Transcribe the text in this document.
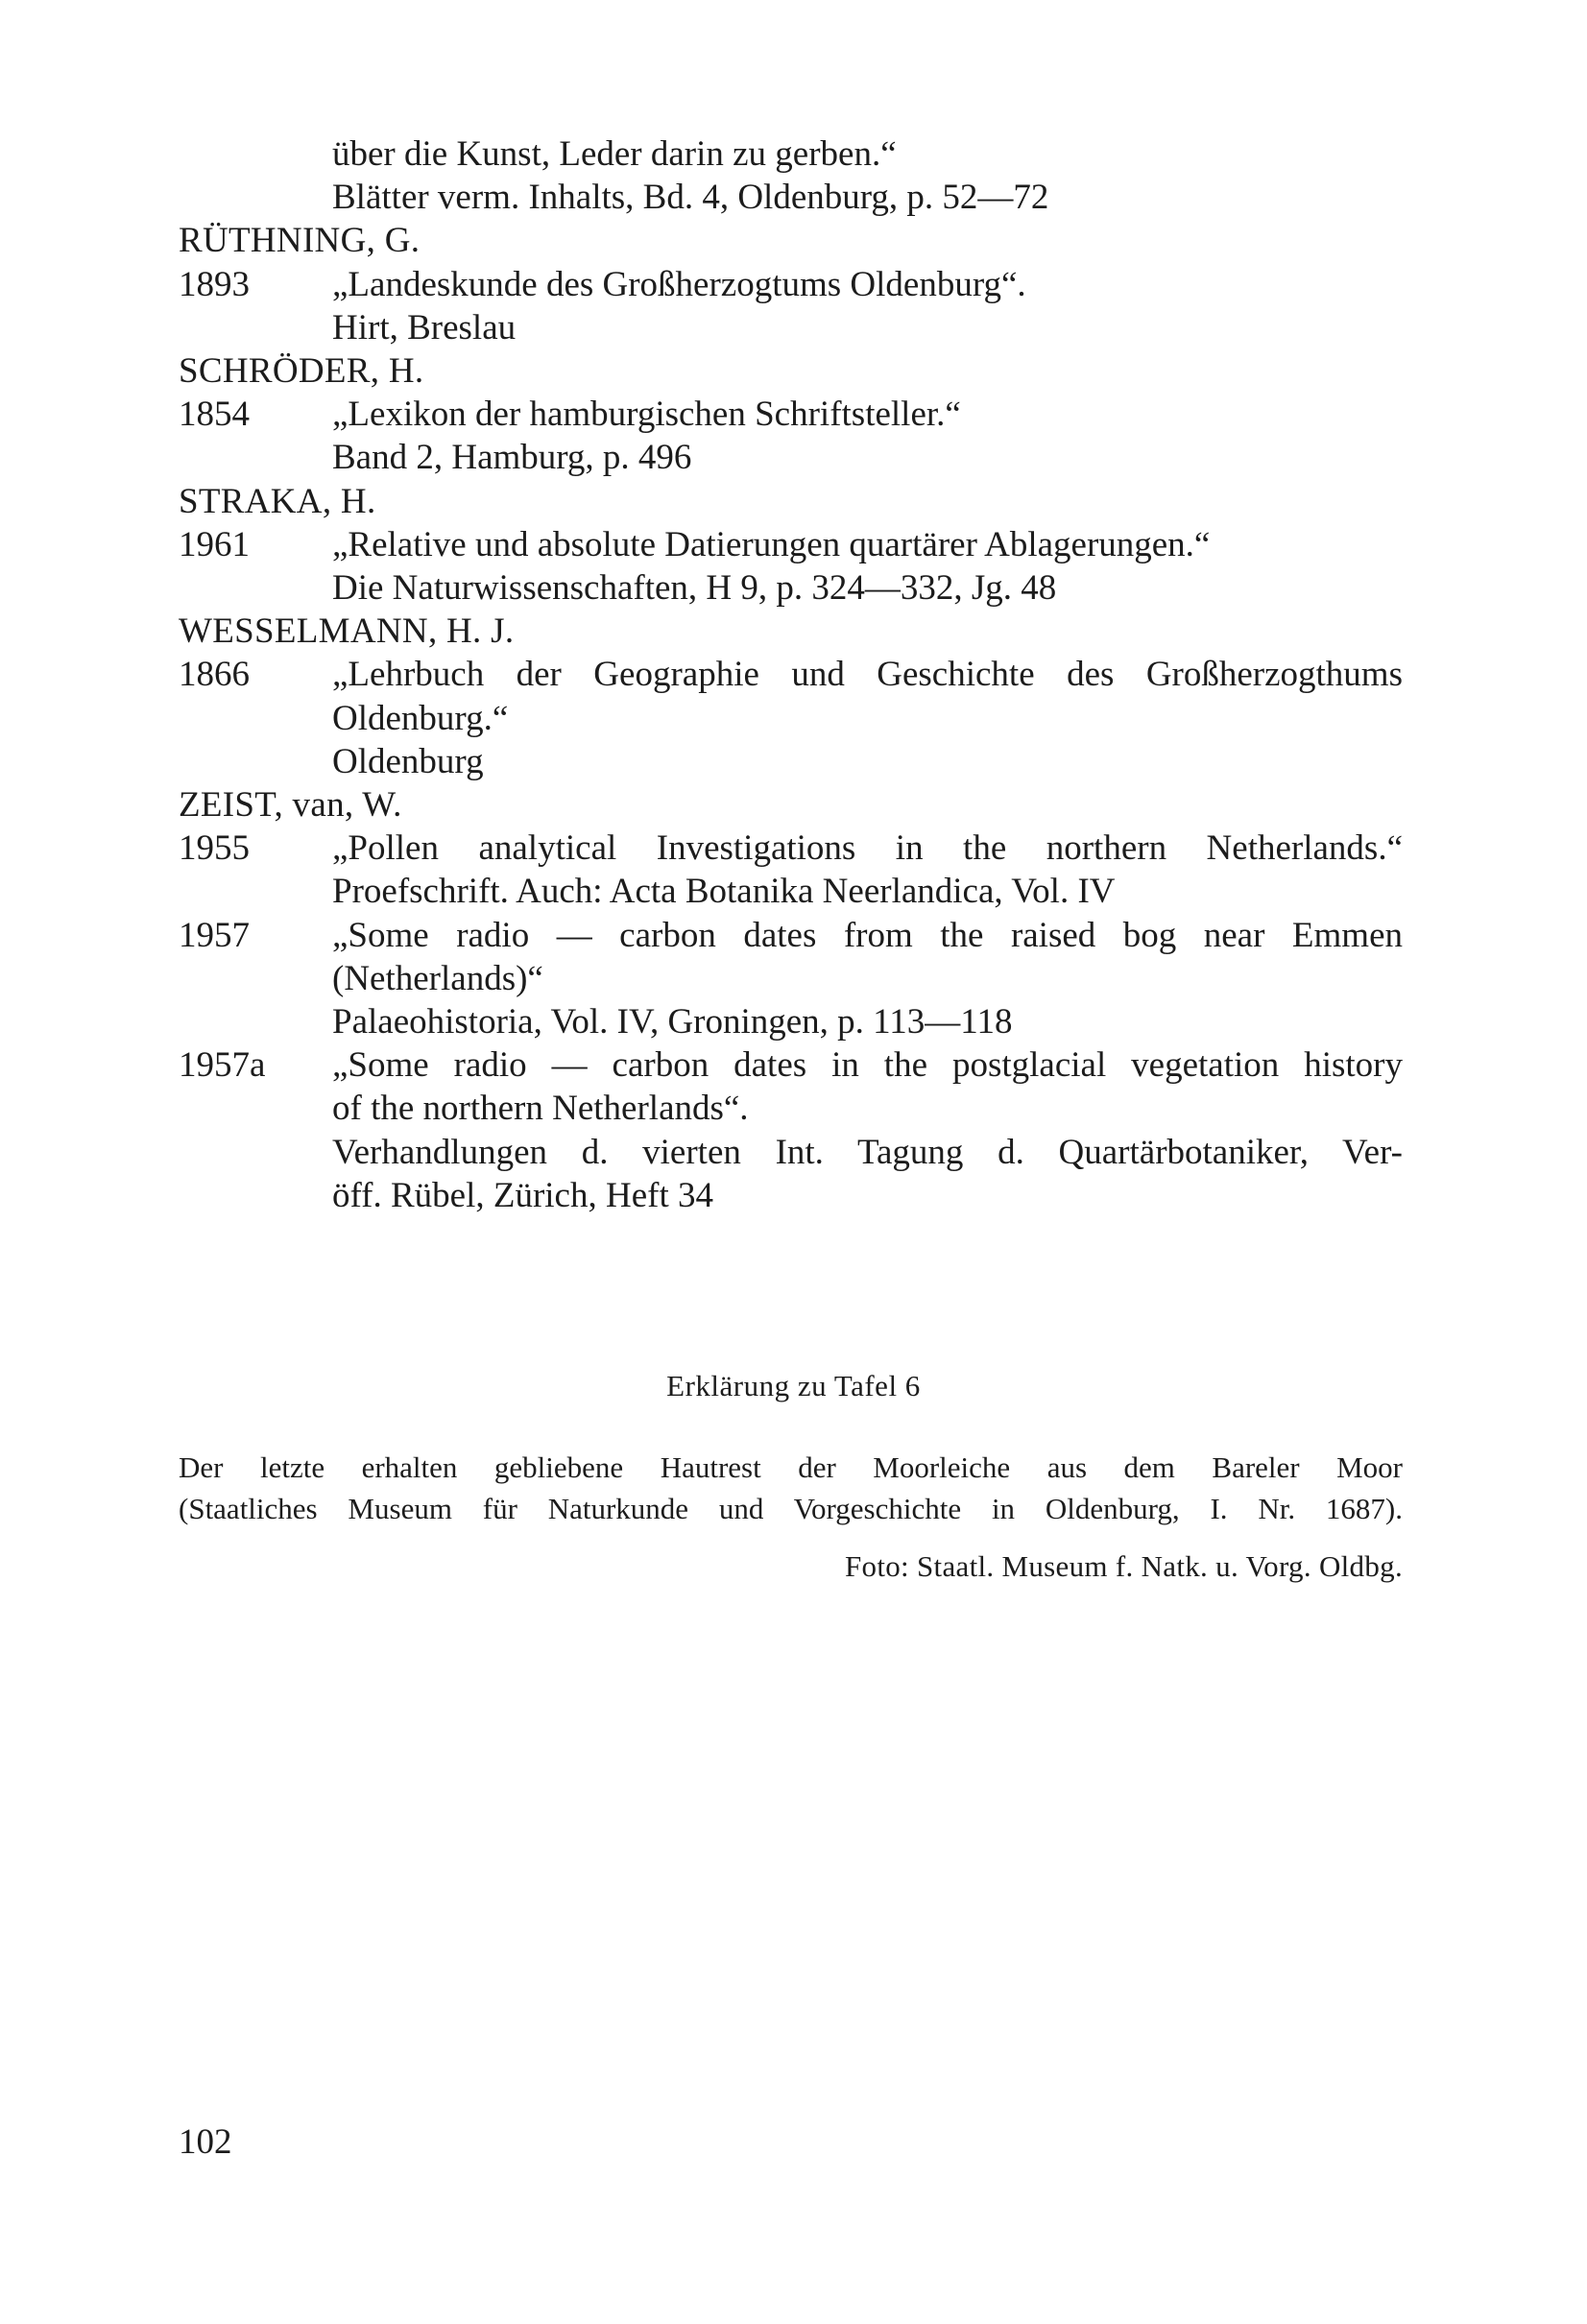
über die Kunst, Leder darin zu gerben.“
Blätter verm. Inhalts, Bd. 4, Oldenburg, p. 52—72
RÜTHNING, G.
1893	„Landeskunde des Großherzogtums Oldenburg“.
Hirt, Breslau
SCHRÖDER, H.
1854	„Lexikon der hamburgischen Schriftsteller.“
Band 2, Hamburg, p. 496
STRAKA, H.
1961	„Relative und absolute Datierungen quartärer Ablagerungen.“
Die Naturwissenschaften, H 9, p. 324—332, Jg. 48
WESSELMANN, H. J.
1866	„Lehrbuch der Geographie und Geschichte des Großherzogthums
Oldenburg.“
Oldenburg
ZEIST, van, W.
1955	„Pollen analytical Investigations in the northern Netherlands.“
Proefschrift. Auch: Acta Botanika Neerlandica, Vol. IV
1957	„Some radio — carbon dates from the raised bog near Emmen
(Netherlands)“
Palaeohistoria, Vol. IV, Groningen, p. 113—118
1957a	„Some radio — carbon dates in the postglacial vegetation history
of the northern Netherlands“.
Verhandlungen d. vierten Int. Tagung d. Quartärbotaniker, Ver-
öff. Rübel, Zürich, Heft 34
Erklärung zu Tafel 6
Der letzte erhalten gebliebene Hautrest der Moorleiche aus dem Bareler Moor
(Staatliches Museum für Naturkunde und Vorgeschichte in Oldenburg, I. Nr. 1687).
Foto: Staatl. Museum f. Natk. u. Vorg. Oldbg.
102
